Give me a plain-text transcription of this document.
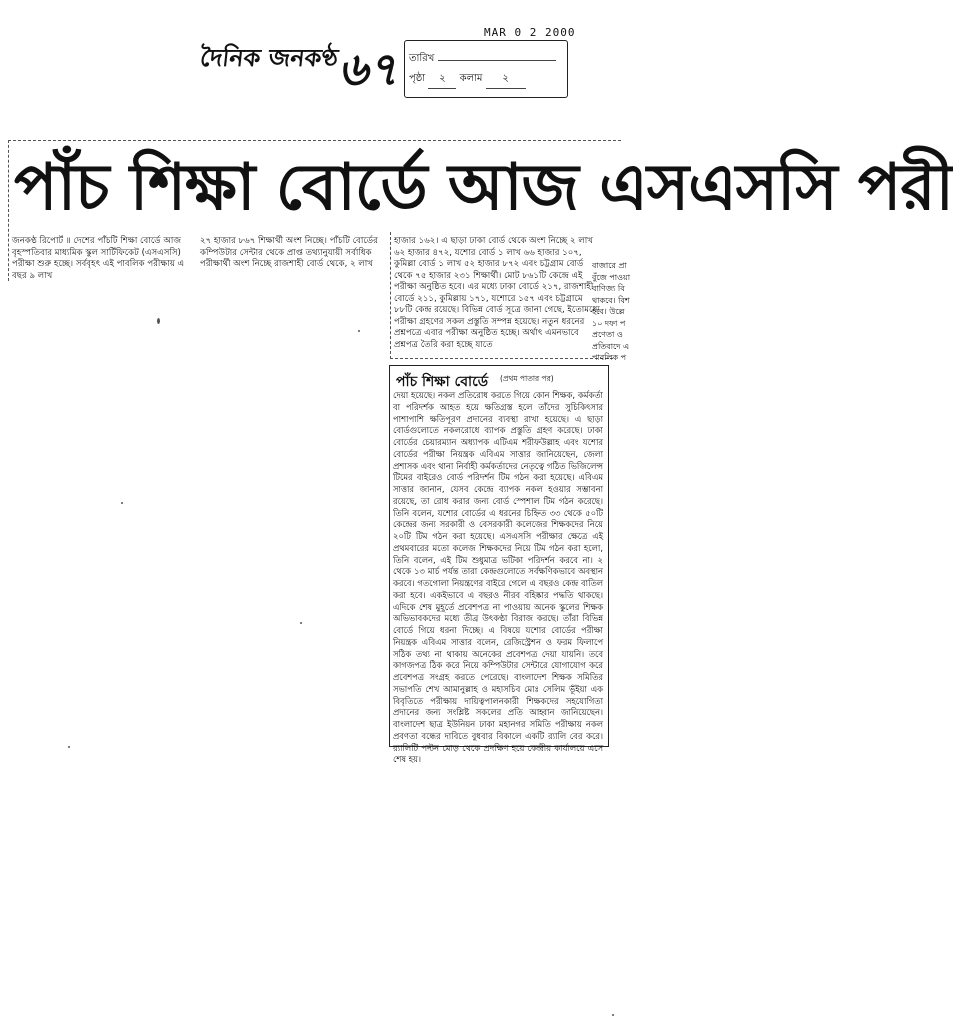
দৈনিক জনকণ্ঠ
৬৭
MAR 0 2 2000
তারিখ
পৃষ্ঠা ২ কলাম ২
পাঁচ শিক্ষা বোর্ডে আজ এসএসসি পরী
জনকণ্ঠ রিপোর্ট ॥ দেশের পাঁচটি শিক্ষা বোর্ডে আজ বৃহস্পতিবার মাধ্যমিক স্কুল সার্টিফিকেট (এসএসসি) পরীক্ষা শুরু হচ্ছে। সর্ববৃহৎ এই পাবলিক পরীক্ষায় এ বছর ৯ লাখ
২৭ হাজার ৮৬৭ শিক্ষার্থী অংশ নিচ্ছে। পাঁচটি বোর্ডের কম্পিউটার সেন্টার থেকে প্রাপ্ত তথ্যানুযায়ী সর্বাধিক পরীক্ষার্থী অংশ নিচ্ছে রাজশাহী বোর্ড থেকে, ২ লাখ
হাজার ১৬২। এ ছাড়া ঢাকা বোর্ড থেকে অংশ নিচ্ছে ২ লাখ ৬২ হাজার ৪৭২, যশোর বোর্ড ১ লাখ ৬৬ হাজার ১০৭, কুমিল্লা বোর্ড ১ লাখ ৫২ হাজার ৮৭২ এবং চট্টগ্রাম বোর্ড থেকে ৭৫ হাজার ২৩১ শিক্ষার্থী। মোট ৮৬১টি কেন্দ্রে এই পরীক্ষা অনুষ্ঠিত হবে। এর মধ্যে ঢাকা বোর্ডে ২১৭, রাজশাহী বোর্ডে ২১১, কুমিল্লায় ১৭১, যশোরে ১৫৭ এবং চট্টগ্রামে ৮৮টি কেন্দ্র রয়েছে। বিভিন্ন বোর্ড সূত্রে জানা গেছে, ইতোমধ্যে পরীক্ষা গ্রহণের সকল প্রস্তুতি সম্পন্ন হয়েছে। নতুন ধরনের প্রশ্নপত্রে এবার পরীক্ষা অনুষ্ঠিত হচ্ছে। অর্থাৎ এমনভাবে প্রশ্নপত্র তৈরি করা হচ্ছে যাতে
বাজারে প্রা
বুঁজে পাওয়া
বাণিজ্য বি
থাকবে। বিশ
হবে। উল্লে
১০ দফা প
প্রণেতা ও
প্রতিবাদে এ
পাবলিক প
পাঁচ শিক্ষা বোর্ডে (প্রথম পাতার পর)
দেয়া হয়েছে। নকল প্রতিরোধ করতে গিয়ে কোন শিক্ষক, কর্মকর্তা বা পরিদর্শক আহত হয়ে ক্ষতিগ্রস্ত হলে তাঁদের সুচিকিৎসার পাশাপাশি ক্ষতিপূরণ প্রদানের ব্যবস্থা রাখা হয়েছে। এ ছাড়া বোর্ডগুলোতে নকলরোধে ব্যাপক প্রস্তুতি গ্রহণ করেছে। ঢাকা বোর্ডের চেয়ারম্যান অধ্যাপক এটিএম শরীফউল্লাহ এবং যশোর বোর্ডের পরীক্ষা নিয়ন্ত্রক এবিএম সাত্তার জানিয়েছেন, জেলা প্রশাসক এবং থানা নির্বাহী কর্মকর্তাদের নেতৃত্বে গঠিত ভিজিলেন্স টিমের বাইরেও বোর্ড পরিদর্শন টিম গঠন করা হয়েছে। এবিএম সাত্তার জানান, যেসব কেন্দ্রে ব্যাপক নকল হওয়ার সম্ভাবনা রয়েছে, তা রোধ করার জন্য বোর্ড স্পেশাল টিম গঠন করেছে। তিনি বলেন, যশোর বোর্ডের এ ধরনের চিহ্নিত ৩৩ থেকে ৫০টি কেন্দ্রের জন্য সরকারী ও বেসরকারী কলেজের শিক্ষকদের নিয়ে ২০টি টিম গঠন করা হয়েছে। এসএসসি পরীক্ষার ক্ষেত্রে এই প্রথমবারের মতো কলেজ শিক্ষকদের নিয়ে টিম গঠন করা হলো, তিনি বলেন, এই টিম শুধুমাত্র ভটিকা পরিদর্শন করবে না। ২ থেকে ১৩ মার্চ পর্যন্ত তারা কেন্দ্রগুলোতে সর্বক্ষণিকভাবে অবস্থান করবে। গতগোলা নিয়ন্ত্রণের বাইরে গেলে এ বছরও কেন্দ্র বাতিল করা হবে। একইভাবে এ বছরও নীরব বহিষ্কার পদ্ধতি থাকছে। এদিকে শেষ মুহূর্তে প্রবেশপত্র না পাওয়ায় অনেক স্কুলের শিক্ষক অভিভাবকদের মধ্যে তীব্র উৎকণ্ঠা বিরাজ করছে। তাঁরা বিভিন্ন বোর্ডে গিয়ে ধরনা দিচ্ছে। এ বিষয়ে যশোর বোর্ডের পরীক্ষা নিয়ন্ত্রক এবিএম সাত্তার বলেন, রেজিস্ট্রেশন ও ফরম ফিলাপে সঠিক তথ্য না থাকায় অনেকের প্রবেশপত্র দেয়া যায়নি। তবে কাগজপত্র ঠিক করে নিয়ে কম্পিউটার সেন্টারে যোগাযোগ করে প্রবেশপত্র সংগ্রহ করতে পেরেছে। বাংলাদেশ শিক্ষক সমিতির সভাপতি শেখ আমানুল্লাহ ও মহাসচিব মোঃ সেলিম ভূঁইয়া এক বিবৃতিতে পরীক্ষায় দায়িত্বপালনকারী শিক্ষকদের সহযোগিতা প্রদানের জন্য সংশ্লিষ্ট সকলের প্রতি আহ্বান জানিয়েছেন। বাংলাদেশ ছাত্র ইউনিয়ন ঢাকা মহানগর সমিতি পরীক্ষায় নকল প্রবণতা বন্ধের দাবিতে বুধবার বিকালে একটি র‌্যালি বের করে। র‌্যালিটি পল্টন মোড় থেকে প্রদক্ষিণ হয়ে কেন্দ্রীয় কার্যালয়ে এসে শেষ হয়।
